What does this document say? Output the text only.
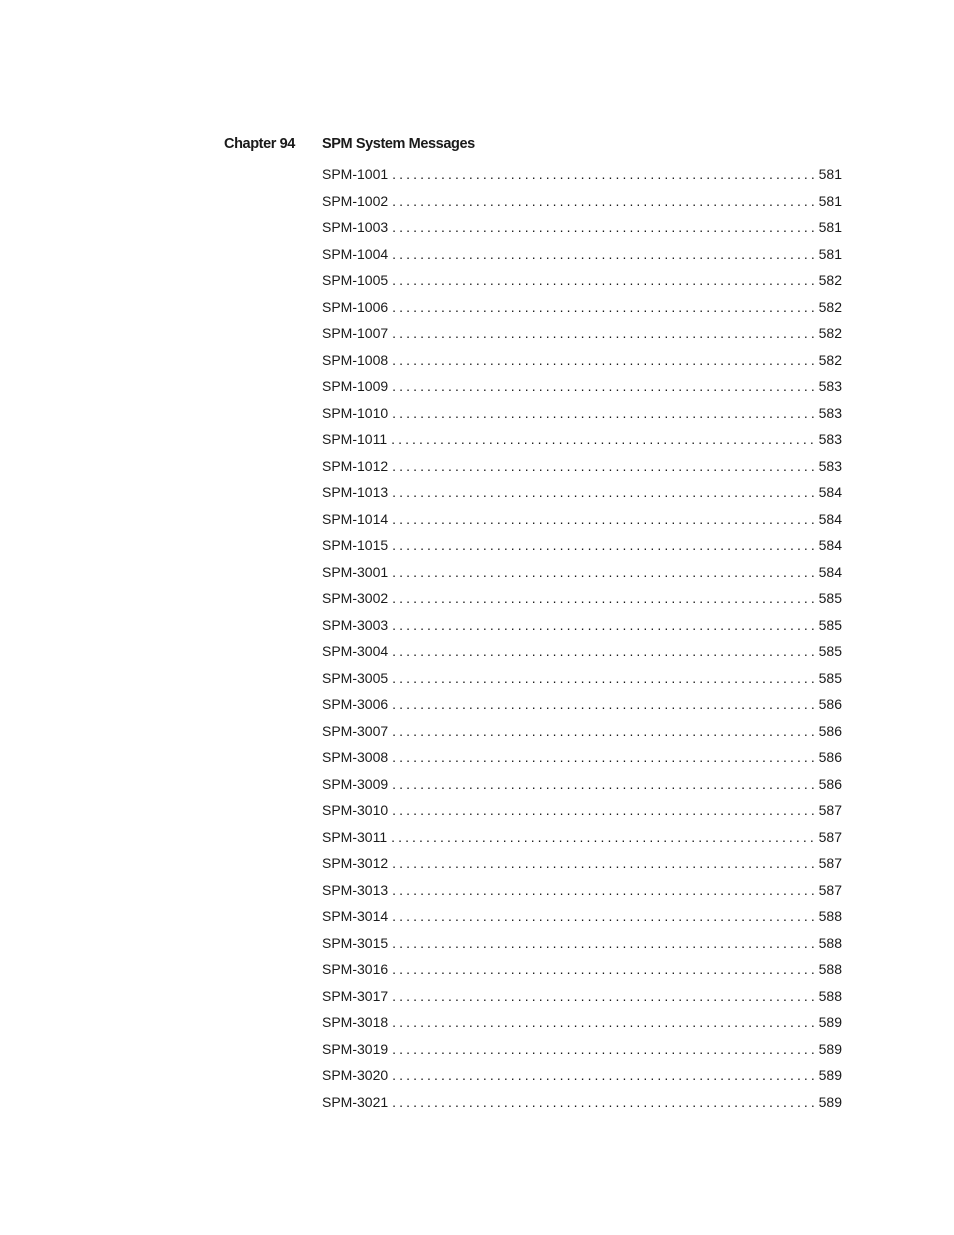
Chapter 94 SPM System Messages
SPM-1001 . . .	581
SPM-1002 . . .	581
SPM-1003 . . .	581
SPM-1004 . . .	581
SPM-1005 . . .	582
SPM-1006 . . .	582
SPM-1007 . . .	582
SPM-1008 . . .	582
SPM-1009 . . .	583
SPM-1010 . . .	583
SPM-1011 . . .	583
SPM-1012 . . .	583
SPM-1013 . . .	584
SPM-1014 . . .	584
SPM-1015 . . .	584
SPM-3001 . . .	584
SPM-3002 . . .	585
SPM-3003 . . .	585
SPM-3004 . . .	585
SPM-3005 . . .	585
SPM-3006 . . .	586
SPM-3007 . . .	586
SPM-3008 . . .	586
SPM-3009 . . .	586
SPM-3010 . . .	587
SPM-3011 . . .	587
SPM-3012 . . .	587
SPM-3013 . . .	587
SPM-3014 . . .	588
SPM-3015 . . .	588
SPM-3016 . . .	588
SPM-3017 . . .	588
SPM-3018 . . .	589
SPM-3019 . . .	589
SPM-3020 . . .	589
SPM-3021 . . .	589
